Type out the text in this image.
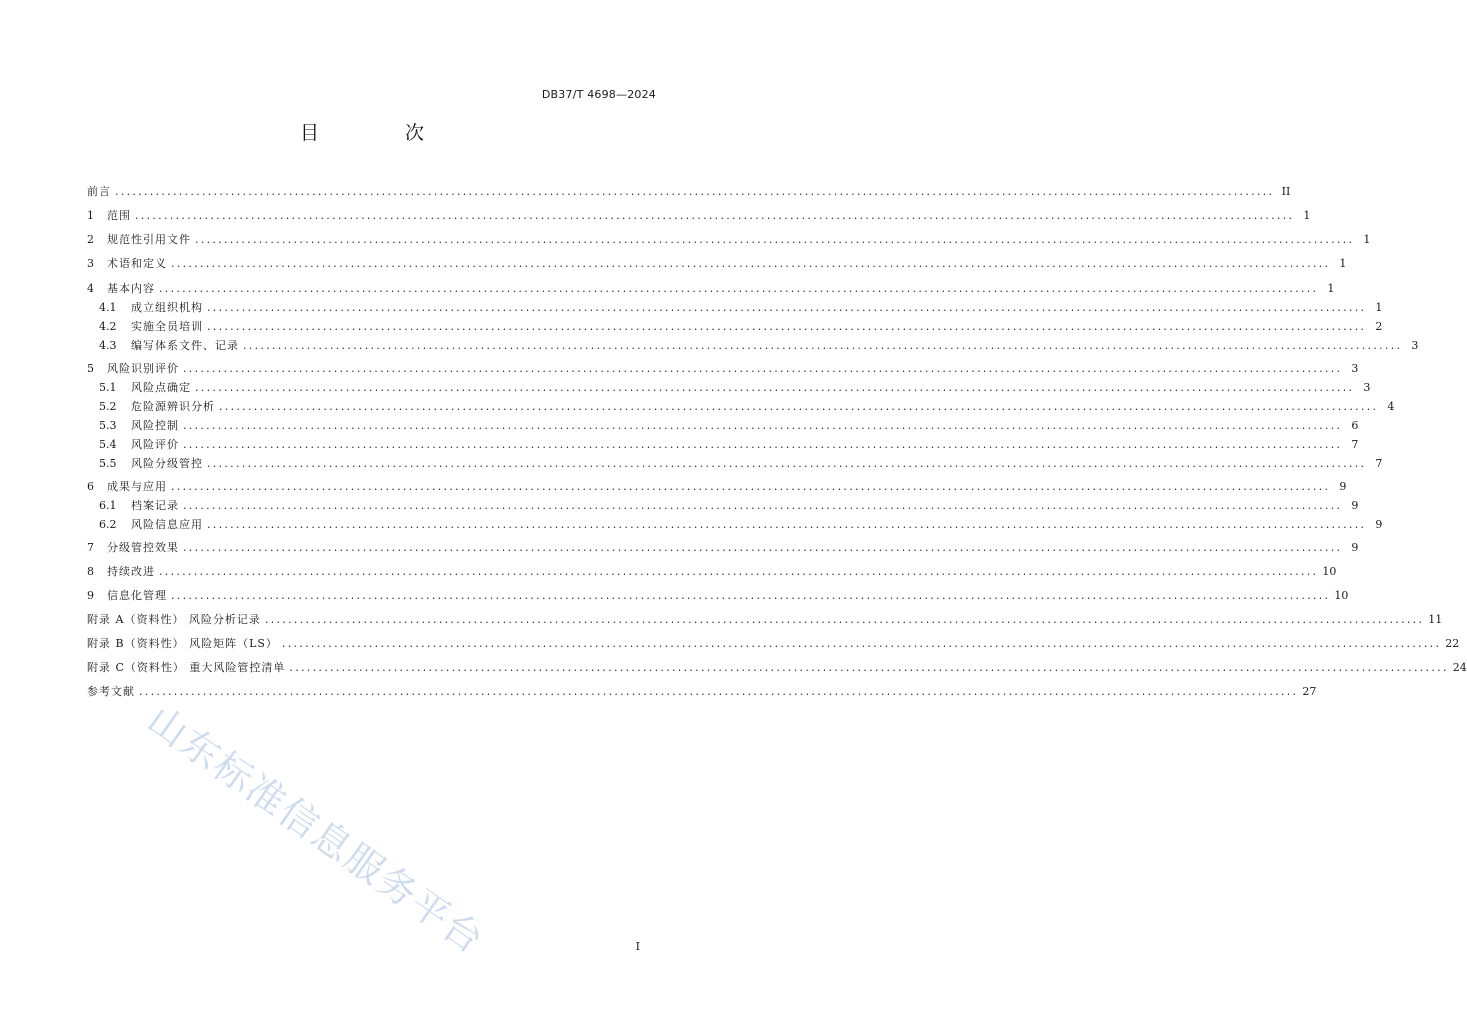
DB37/T 4698—2024
目 次
前言 ........................................................................................................................................................................................................ II
1	范围 ........................................................................................................................................................................................................ 1
2	规范性引用文件 ........................................................................................................................................................................................................ 1
3	术语和定义 ........................................................................................................................................................................................................ 1
4	基本内容 ........................................................................................................................................................................................................ 1
4.1	成立组织机构 ........................................................................................................................................................................................................ 1
4.2	实施全员培训 ........................................................................................................................................................................................................ 2
4.3	编写体系文件、记录 ........................................................................................................................................................................................................ 3
5	风险识别评价 ........................................................................................................................................................................................................ 3
5.1	风险点确定 ........................................................................................................................................................................................................ 3
5.2	危险源辨识分析 ........................................................................................................................................................................................................ 4
5.3	风险控制 ........................................................................................................................................................................................................ 6
5.4	风险评价 ........................................................................................................................................................................................................ 7
5.5	风险分级管控 ........................................................................................................................................................................................................ 7
6	成果与应用 ........................................................................................................................................................................................................ 9
6.1	档案记录 ........................................................................................................................................................................................................ 9
6.2	风险信息应用 ........................................................................................................................................................................................................ 9
7	分级管控效果 ........................................................................................................................................................................................................ 9
8	持续改进 ........................................................................................................................................................................................................ 10
9	信息化管理 ........................................................................................................................................................................................................ 10
附录 A（资料性） 风险分析记录 ........................................................................................................................................................................................................ 11
附录 B（资料性） 风险矩阵（LS） ........................................................................................................................................................................................................ 22
附录 C（资料性） 重大风险管控清单 ........................................................................................................................................................................................................ 24
参考文献 ........................................................................................................................................................................................................ 27
山东标准信息服务平台	I
